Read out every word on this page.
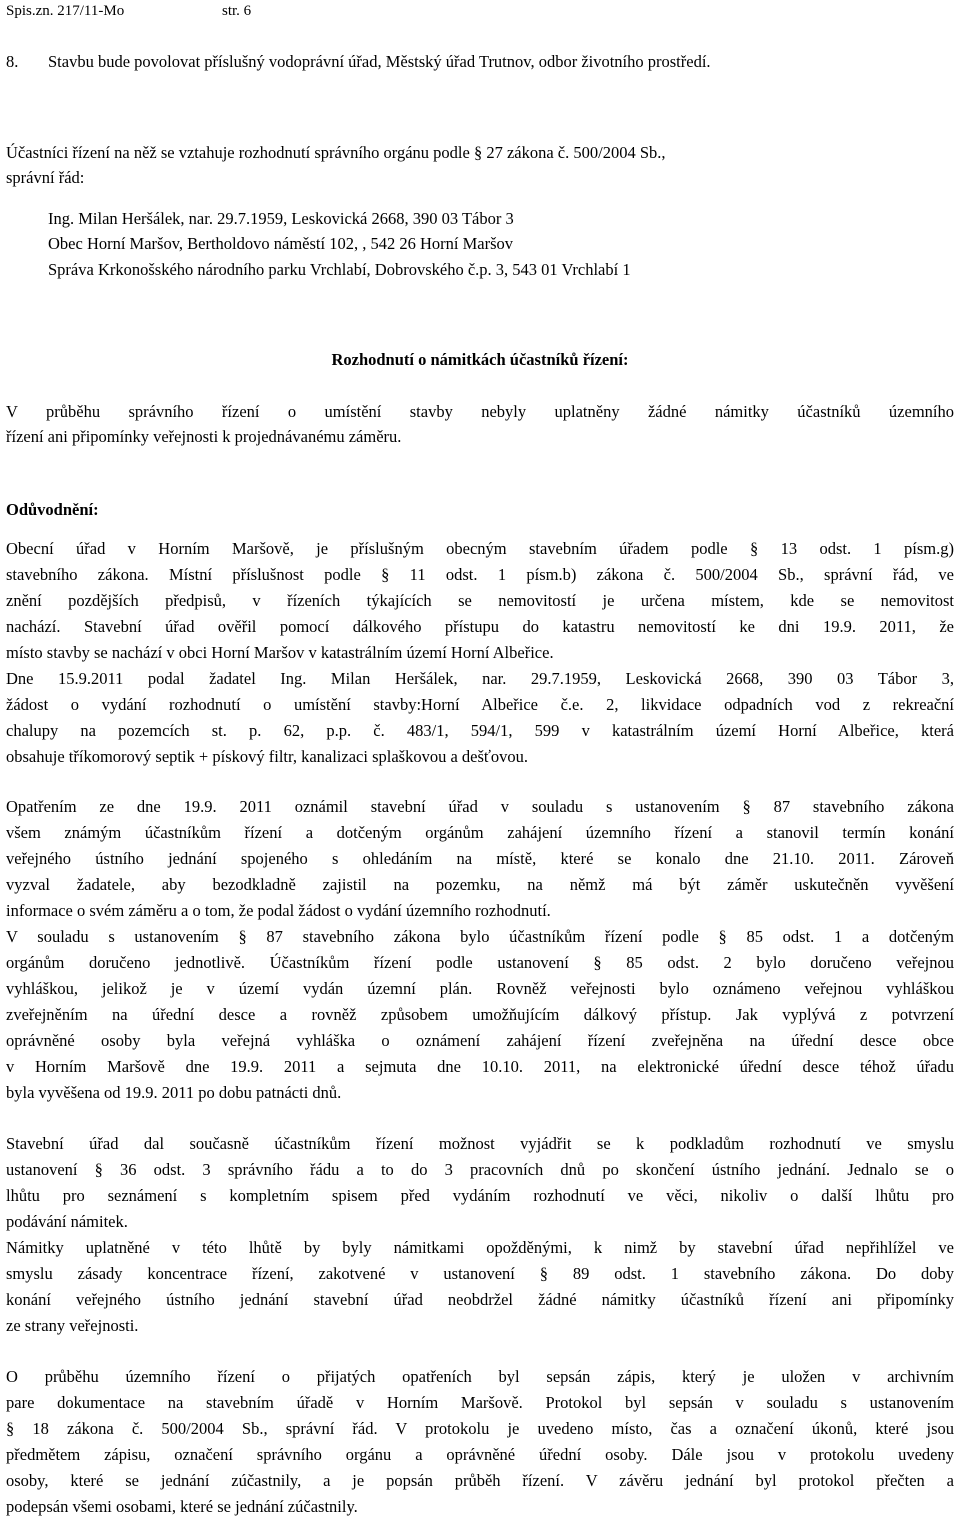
Spis.zn. 217/11-Mo	str. 6
8. Stavbu bude povolovat příslušný vodoprávní úřad, Městský úřad Trutnov, odbor životního prostředí.
Účastníci řízení na něž se vztahuje rozhodnutí správního orgánu podle § 27 zákona č. 500/2004 Sb.,
správní řád:
Ing. Milan Heršálek, nar. 29.7.1959, Leskovická 2668, 390 03 Tábor 3
Obec Horní Maršov, Bertholdovo náměstí 102, , 542 26 Horní Maršov
Správa Krkonošského národního parku Vrchlabí, Dobrovského č.p. 3, 543 01 Vrchlabí 1
Rozhodnutí o námitkách účastníků řízení:
V průběhu správního řízení o umístění stavby nebyly uplatněny žádné námitky účastníků územního
řízení ani připomínky veřejnosti k projednávanému záměru.
Odůvodnění:
Obecní úřad v Horním Maršově, je příslušným obecným stavebním úřadem podle § 13 odst. 1 písm.g)
stavebního zákona. Místní příslušnost podle § 11 odst. 1 písm.b) zákona č. 500/2004 Sb., správní řád, ve
znění pozdějších předpisů, v řízeních týkajících se nemovitostí je určena místem, kde se nemovitost
nachází. Stavební úřad ověřil pomocí dálkového přístupu do katastru nemovitostí ke dni 19.9. 2011, že
místo stavby se nachází v obci Horní Maršov v katastrálním území Horní Albeřice.
Dne 15.9.2011 podal žadatel Ing. Milan Heršálek, nar. 29.7.1959, Leskovická 2668, 390 03 Tábor 3,
žádost o vydání rozhodnutí o umístění stavby:Horní Albeřice č.e. 2, likvidace odpadních vod z rekreační
chalupy na pozemcích st. p. 62, p.p. č. 483/1, 594/1, 599 v katastrálním území Horní Albeřice, která
obsahuje tříkomorový septik + pískový filtr, kanalizaci splaškovou a dešťovou.
Opatřením ze dne 19.9. 2011 oznámil stavební úřad v souladu s ustanovením § 87 stavebního zákona
všem známým účastníkům řízení a dotčeným orgánům zahájení územního řízení a stanovil termín konání
veřejného ústního jednání spojeného s ohledáním na místě, které se konalo dne 21.10. 2011. Zároveň
vyzval žadatele, aby bezodkladně zajistil na pozemku, na němž má být záměr uskutečněn vyvěšení
informace o svém záměru a o tom, že podal žádost o vydání územního rozhodnutí.
V souladu s ustanovením § 87 stavebního zákona bylo účastníkům řízení podle § 85 odst. 1 a dotčeným
orgánům doručeno jednotlivě. Účastníkům řízení podle ustanovení § 85 odst. 2 bylo doručeno veřejnou
vyhláškou, jelikož je v území vydán územní plán. Rovněž veřejnosti bylo oznámeno veřejnou vyhláškou
zveřejněním na úřední desce a rovněž způsobem umožňujícím dálkový přístup. Jak vyplývá z potvrzení
oprávněné osoby byla veřejná vyhláška o oznámení zahájení řízení zveřejněna na úřední desce obce
v Horním Maršově dne 19.9. 2011 a sejmuta dne 10.10. 2011, na elektronické úřední desce téhož úřadu
byla vyvěšena od 19.9. 2011 po dobu patnácti dnů.
Stavební úřad dal současně účastníkům řízení možnost vyjádřit se k podkladům rozhodnutí ve smyslu
ustanovení § 36 odst. 3 správního řádu a to do 3 pracovních dnů po skončení ústního jednání. Jednalo se o
lhůtu pro seznámení s kompletním spisem před vydáním rozhodnutí ve věci, nikoliv o další lhůtu pro
podávání námitek.
Námitky uplatněné v této lhůtě by byly námitkami opožděnými, k nimž by stavební úřad nepřihlížel ve
smyslu zásady koncentrace řízení, zakotvené v ustanovení § 89 odst. 1 stavebního zákona. Do doby
konání veřejného ústního jednání stavební úřad neobdržel žádné námitky účastníků řízení ani připomínky
ze strany veřejnosti.
O průběhu územního řízení o přijatých opatřeních byl sepsán zápis, který je uložen v archivním
pare dokumentace na stavebním úřadě v Horním Maršově. Protokol byl sepsán v souladu s ustanovením
§ 18 zákona č. 500/2004 Sb., správní řád. V protokolu je uvedeno místo, čas a označení úkonů, které jsou
předmětem zápisu, označení správního orgánu a oprávněné úřední osoby. Dále jsou v protokolu uvedeny
osoby, které se jednání zúčastnily, a je popsán průběh řízení. V závěru jednání byl protokol přečten a
podepsán všemi osobami, které se jednání zúčastnily.
